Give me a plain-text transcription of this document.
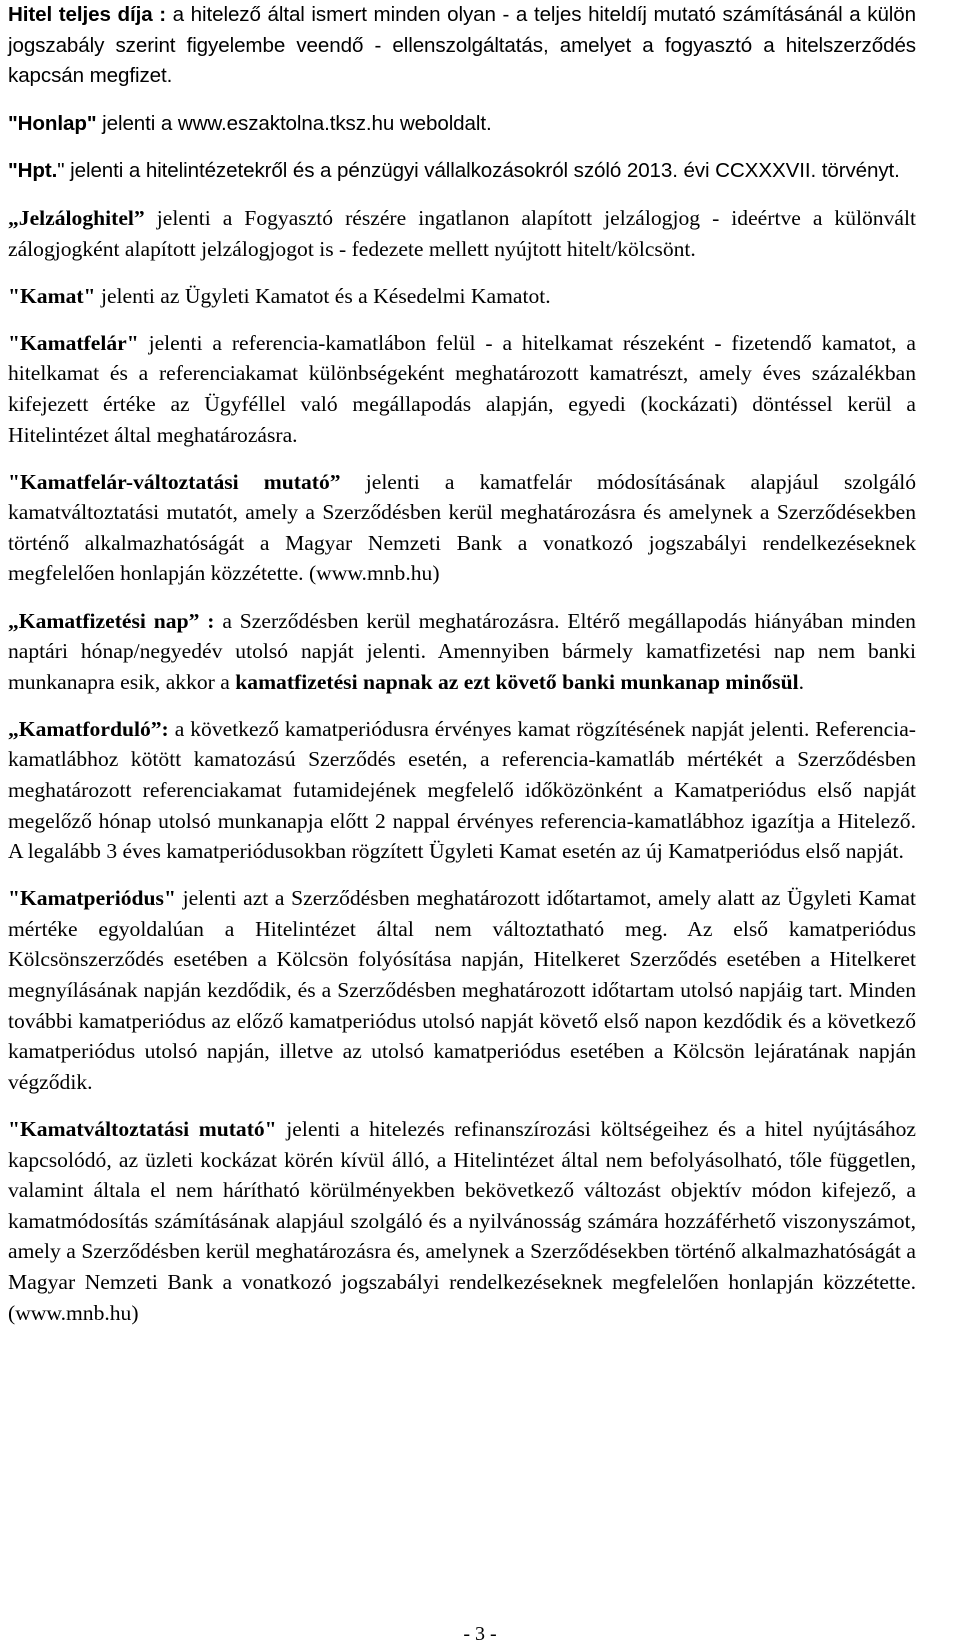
Hitel teljes díja : a hitelező által ismert minden olyan - a teljes hiteldíj mutató számításánál a külön jogszabály szerint figyelembe veendő - ellenszolgáltatás, amelyet a fogyasztó a hitelszerződés kapcsán megfizet.

"Honlap" jelenti a www.eszaktolna.tksz.hu weboldalt.

"Hpt." jelenti a hitelintézetekről és a pénzügyi vállalkozásokról szóló 2013. évi CCXXXVII. törvényt.

„Jelzáloghitel” jelenti a Fogyasztó részére ingatlanon alapított jelzálogjog - ideértve a különvált zálogjogként alapított jelzálogjogot is - fedezete mellett nyújtott hitelt/kölcsönt.

"Kamat" jelenti az Ügyleti Kamatot és a Késedelmi Kamatot.

"Kamatfelár" jelenti a referencia-kamatlábon felül - a hitelkamat részeként - fizetendő kamatot, a hitelkamat és a referenciakamat különbségeként meghatározott kamatrészt, amely éves százalékban kifejezett értéke az Ügyféllel való megállapodás alapján, egyedi (kockázati) döntéssel kerül a Hitelintézet által meghatározásra.

"Kamatfelár-változtatási mutató” jelenti a kamatfelár módosításának alapjául szolgáló kamatváltoztatási mutatót, amely a Szerződésben kerül meghatározásra és amelynek a Szerződésekben történő alkalmazhatóságát a Magyar Nemzeti Bank a vonatkozó jogszabályi rendelkezéseknek megfelelően honlapján közzétette. (www.mnb.hu)

„Kamatfizetési nap” : a Szerződésben kerül meghatározásra. Eltérő megállapodás hiányában minden naptári hónap/negyedév utolsó napját jelenti. Amennyiben bármely kamatfizetési nap nem banki munkanapra esik, akkor a kamatfizetési napnak az ezt követő banki munkanap minősül.

„Kamatforduló”: a következő kamatperiódusra érvényes kamat rögzítésének napját jelenti. Referencia-kamatlábhoz kötött kamatozású Szerződés esetén, a referencia-kamatláb mértékét a Szerződésben meghatározott referenciakamat futamidejének megfelelő időközönként a Kamatperiódus első napját megelőző hónap utolsó munkanapja előtt 2 nappal érvényes referencia-kamatlábhoz igazítja a Hitelező. A legalább 3 éves kamatperiódusokban rögzített Ügyleti Kamat esetén az új Kamatperiódus első napját.

"Kamatperiódus" jelenti azt a Szerződésben meghatározott időtartamot, amely alatt az Ügyleti Kamat mértéke egyoldalúan a Hitelintézet által nem változtatható meg. Az első kamatperiódus Kölcsönszerződés esetében a Kölcsön folyósítása napján, Hitelkeret Szerződés esetében a Hitelkeret megnyílásának napján kezdődik, és a Szerződésben meghatározott időtartam utolsó napjáig tart. Minden további kamatperiódus az előző kamatperiódus utolsó napját követő első napon kezdődik és a következő kamatperiódus utolsó napján, illetve az utolsó kamatperiódus esetében a Kölcsön lejáratának napján végződik.

"Kamatváltoztatási mutató" jelenti a hitelezés refinanszírozási költségeihez és a hitel nyújtásához kapcsolódó, az üzleti kockázat körén kívül álló, a Hitelintézet által nem befolyásolható, tőle független, valamint általa el nem hárítható körülményekben bekövetkező változást objektív módon kifejező, a kamatmódosítás számításának alapjául szolgáló és a nyilvánosság számára hozzáférhető viszonyszámot, amely a Szerződésben kerül meghatározásra és, amelynek a Szerződésekben történő alkalmazhatóságát a Magyar Nemzeti Bank a vonatkozó jogszabályi rendelkezéseknek megfelelően honlapján közzétette. (www.mnb.hu)

- 3 -
